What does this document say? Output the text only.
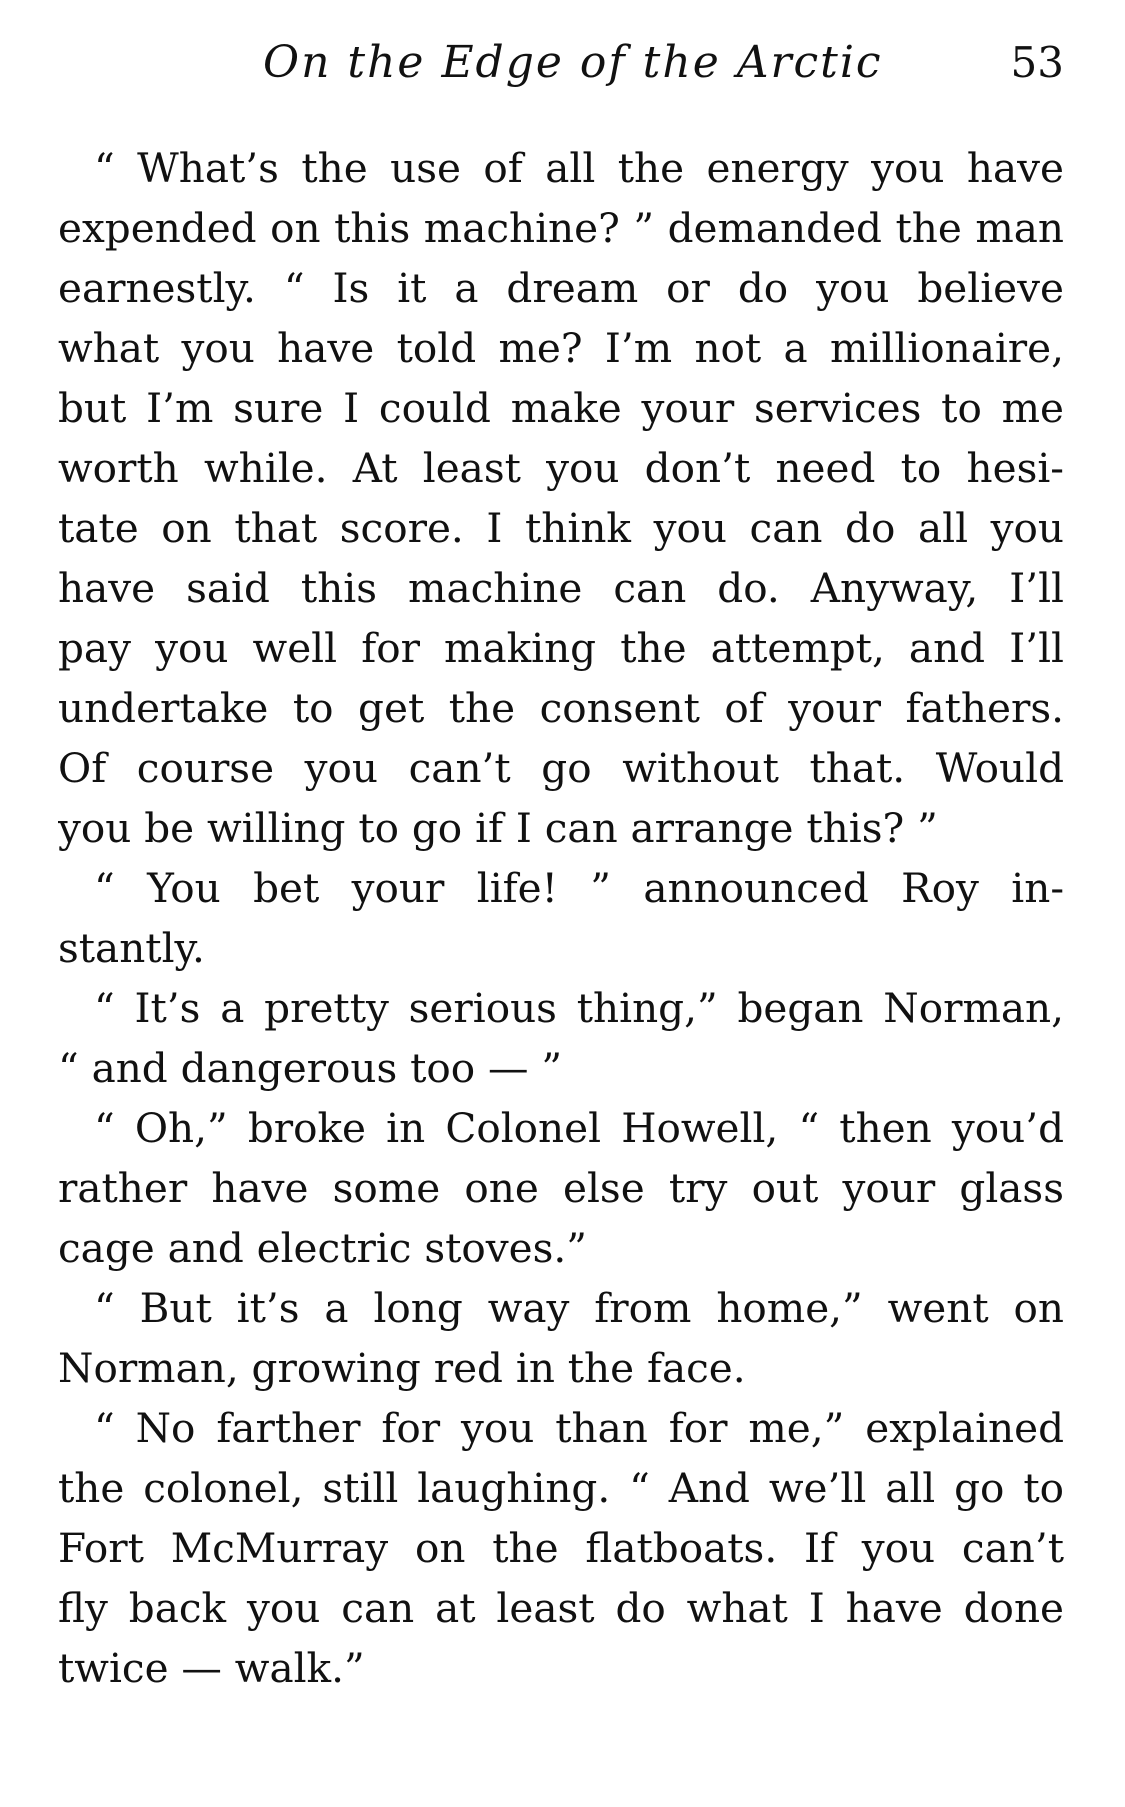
On the Edge of the Arctic	53
“ What’s the use of all the energy you have
expended on this machine? ” demanded the man
earnestly. “ Is it a dream or do you believe
what you have told me? I’m not a millionaire,
but I’m sure I could make your services to me
worth while. At least you don’t need to hesi-
tate on that score. I think you can do all you
have said this machine can do. Anyway, I’ll
pay you well for making the attempt, and I’ll
undertake to get the consent of your fathers.
Of course you can’t go without that. Would
you be willing to go if I can arrange this? ”
“ You bet your life! ” announced Roy in-
stantly.
“ It’s a pretty serious thing,” began Norman,
“ and dangerous too — ”
“ Oh,” broke in Colonel Howell, “ then you’d
rather have some one else try out your glass
cage and electric stoves.”
“ But it’s a long way from home,” went on
Norman, growing red in the face.
“ No farther for you than for me,” explained
the colonel, still laughing. “ And we’ll all go to
Fort McMurray on the flatboats. If you can’t
fly back you can at least do what I have done
twice — walk.”
